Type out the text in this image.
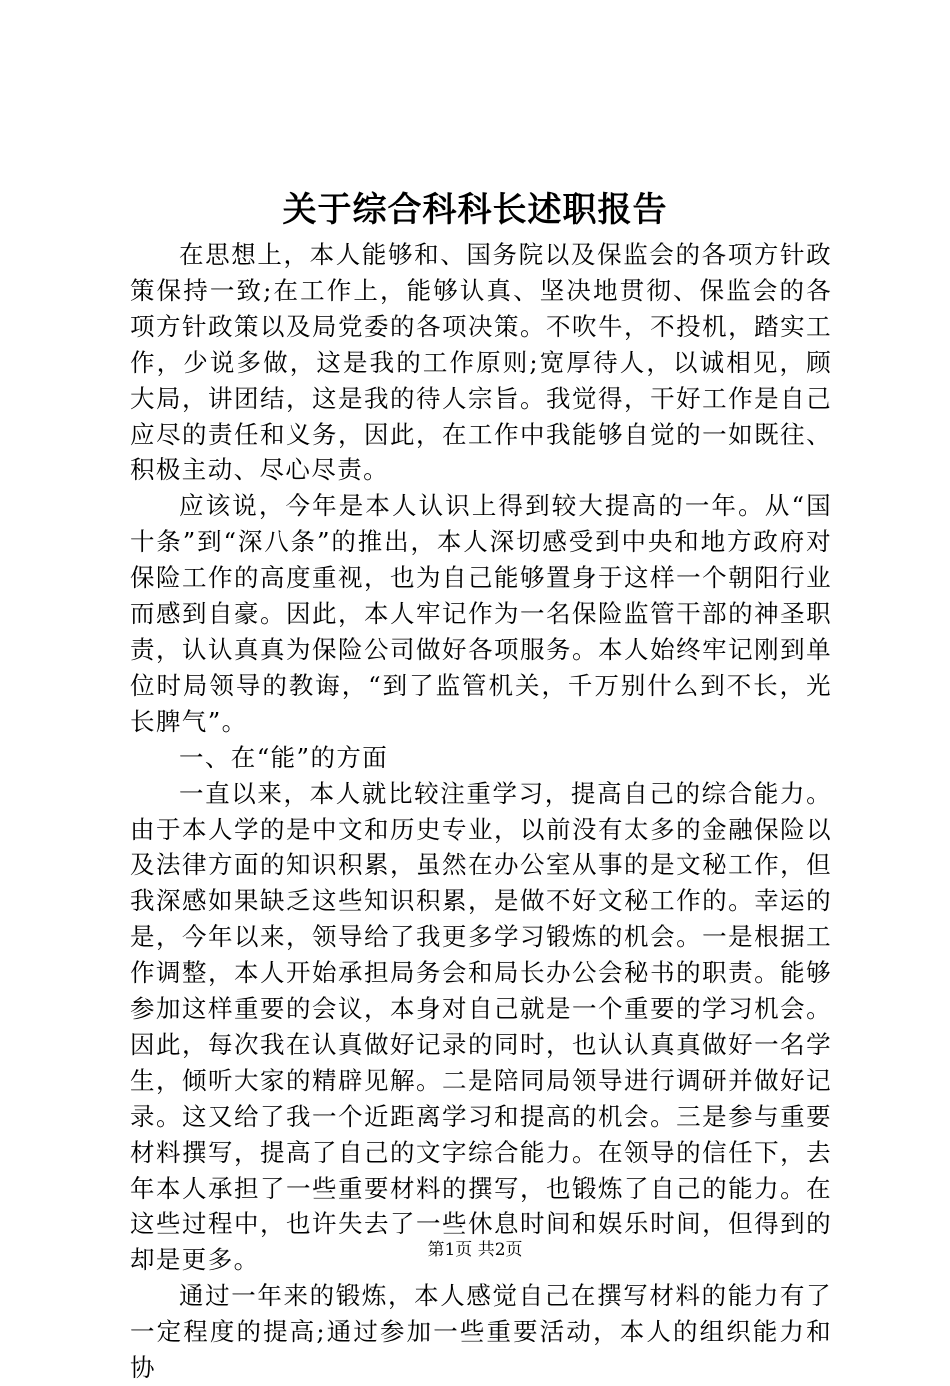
关于综合科科长述职报告

在思想上，本人能够和、国务院以及保监会的各项方针政策保持一致;在工作上，能够认真、坚决地贯彻、保监会的各项方针政策以及局党委的各项决策。不吹牛，不投机，踏实工作，少说多做，这是我的工作原则;宽厚待人，以诚相见，顾大局，讲团结，这是我的待人宗旨。我觉得，干好工作是自己应尽的责任和义务，因此，在工作中我能够自觉的一如既往、积极主动、尽心尽责。

应该说，今年是本人认识上得到较大提高的一年。从“国十条”到“深八条”的推出，本人深切感受到中央和地方政府对保险工作的高度重视，也为自己能够置身于这样一个朝阳行业而感到自豪。因此，本人牢记作为一名保险监管干部的神圣职责，认认真真为保险公司做好各项服务。本人始终牢记刚到单位时局领导的教诲，“到了监管机关，千万别什么到不长，光长脾气”。

一、在“能”的方面

一直以来，本人就比较注重学习，提高自己的综合能力。由于本人学的是中文和历史专业，以前没有太多的金融保险以及法律方面的知识积累，虽然在办公室从事的是文秘工作，但我深感如果缺乏这些知识积累，是做不好文秘工作的。幸运的是，今年以来，领导给了我更多学习锻炼的机会。一是根据工作调整，本人开始承担局务会和局长办公会秘书的职责。能够参加这样重要的会议，本身对自己就是一个重要的学习机会。因此，每次我在认真做好记录的同时，也认认真真做好一名学生，倾听大家的精辟见解。二是陪同局领导进行调研并做好记录。这又给了我一个近距离学习和提高的机会。三是参与重要材料撰写，提高了自己的文字综合能力。在领导的信任下，去年本人承担了一些重要材料的撰写，也锻炼了自己的能力。在这些过程中，也许失去了一些休息时间和娱乐时间，但得到的却是更多。

通过一年来的锻炼，本人感觉自己在撰写材料的能力有了一定程度的提高;通过参加一些重要活动，本人的组织能力和协

第1页 共2页
